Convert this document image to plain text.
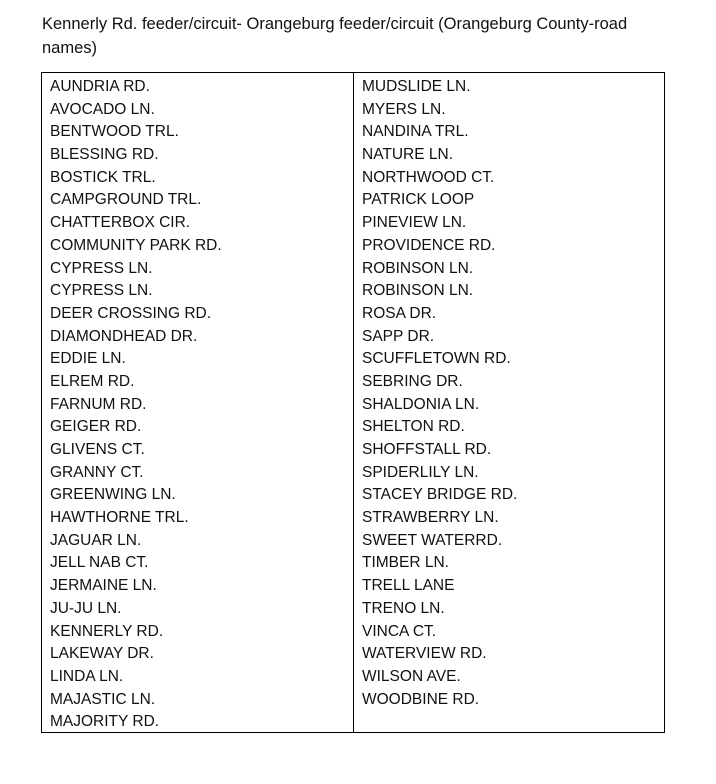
Kennerly Rd. feeder/circuit- Orangeburg feeder/circuit (Orangeburg County-road names)
AUNDRIA RD.
AVOCADO LN.
BENTWOOD TRL.
BLESSING RD.
BOSTICK TRL.
CAMPGROUND TRL.
CHATTERBOX CIR.
COMMUNITY PARK RD.
CYPRESS LN.
CYPRESS LN.
DEER CROSSING RD.
DIAMONDHEAD DR.
EDDIE LN.
ELREM RD.
FARNUM RD.
GEIGER RD.
GLIVENS CT.
GRANNY CT.
GREENWING LN.
HAWTHORNE TRL.
JAGUAR LN.
JELL NAB CT.
JERMAINE LN.
JU-JU LN.
KENNERLY RD.
LAKEWAY DR.
LINDA LN.
MAJASTIC LN.
MAJORITY RD.
MUDSLIDE LN.
MYERS LN.
NANDINA TRL.
NATURE LN.
NORTHWOOD CT.
PATRICK LOOP
PINEVIEW LN.
PROVIDENCE RD.
ROBINSON LN.
ROBINSON LN.
ROSA DR.
SAPP DR.
SCUFFLETOWN RD.
SEBRING DR.
SHALDONIA LN.
SHELTON RD.
SHOFFSTALL RD.
SPIDERLILY LN.
STACEY BRIDGE RD.
STRAWBERRY LN.
SWEET WATERRD.
TIMBER LN.
TRELL LANE
TRENO LN.
VINCA CT.
WATERVIEW RD.
WILSON AVE.
WOODBINE RD.
